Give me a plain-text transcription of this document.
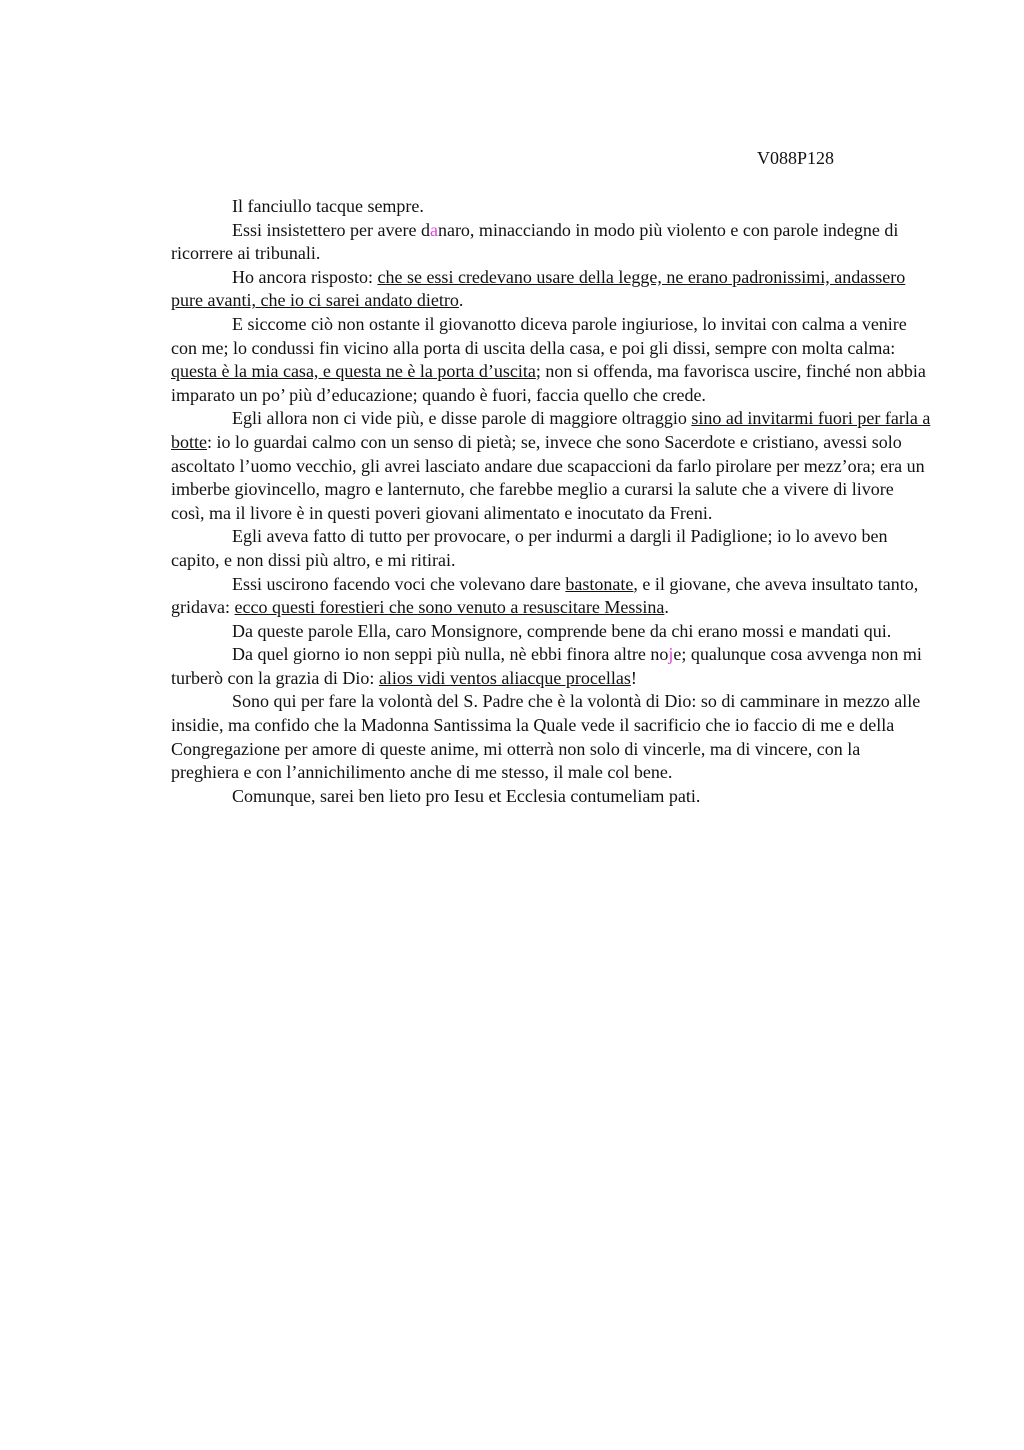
V088P128

Il fanciullo tacque sempre.

Essi insistettero per avere danaro, minacciando in modo più violento e con parole indegne di ricorrere ai tribunali.

Ho ancora risposto: che se essi credevano usare della legge, ne erano padronissimi, andassero pure avanti, che io ci sarei andato dietro.

E siccome ciò non ostante il giovanotto diceva parole ingiuriose, lo invitai con calma a venire con me; lo condussi fin vicino alla porta di uscita della casa, e poi gli dissi, sempre con molta calma: questa è la mia casa, e questa ne è la porta d’uscita; non si offenda, ma favorisca uscire, finché non abbia imparato un po’ più d’educazione; quando è fuori, faccia quello che crede.

Egli allora non ci vide più, e disse parole di maggiore oltraggio sino ad invitarmi fuori per farla a botte: io lo guardai calmo con un senso di pietà; se, invece che sono Sacerdote e cristiano, avessi solo ascoltato l’uomo vecchio, gli avrei lasciato andare due scapaccioni da farlo pirolare per mezz’ora; era un imberbe giovincello, magro e lanternuto, che farebbe meglio a curarsi la salute che a vivere di livore così, ma il livore è in questi poveri giovani alimentato e inocutato da Freni.

Egli aveva fatto di tutto per provocare, o per indurmi a dargli il Padiglione; io lo avevo ben capito, e non dissi più altro, e mi ritirai.

Essi uscirono facendo voci che volevano dare bastonate, e il giovane, che aveva insultato tanto, gridava: ecco questi forestieri che sono venuto a resuscitare Messina.

Da queste parole Ella, caro Monsignore, comprende bene da chi erano mossi e mandati qui.

Da quel giorno io non seppi più nulla, nè ebbi finora altre noje; qualunque cosa avvenga non mi turberò con la grazia di Dio: alios vidi ventos aliacque procellas!

Sono qui per fare la volontà del S. Padre che è la volontà di Dio: so di camminare in mezzo alle insidie, ma confido che la Madonna Santissima la Quale vede il sacrificio che io faccio di me e della Congregazione per amore di queste anime, mi otterrà non solo di vincerle, ma di vincere, con la preghiera e con l’annichilimento anche di me stesso, il male col bene.

Comunque, sarei ben lieto pro Iesu et Ecclesia contumeliam pati.
